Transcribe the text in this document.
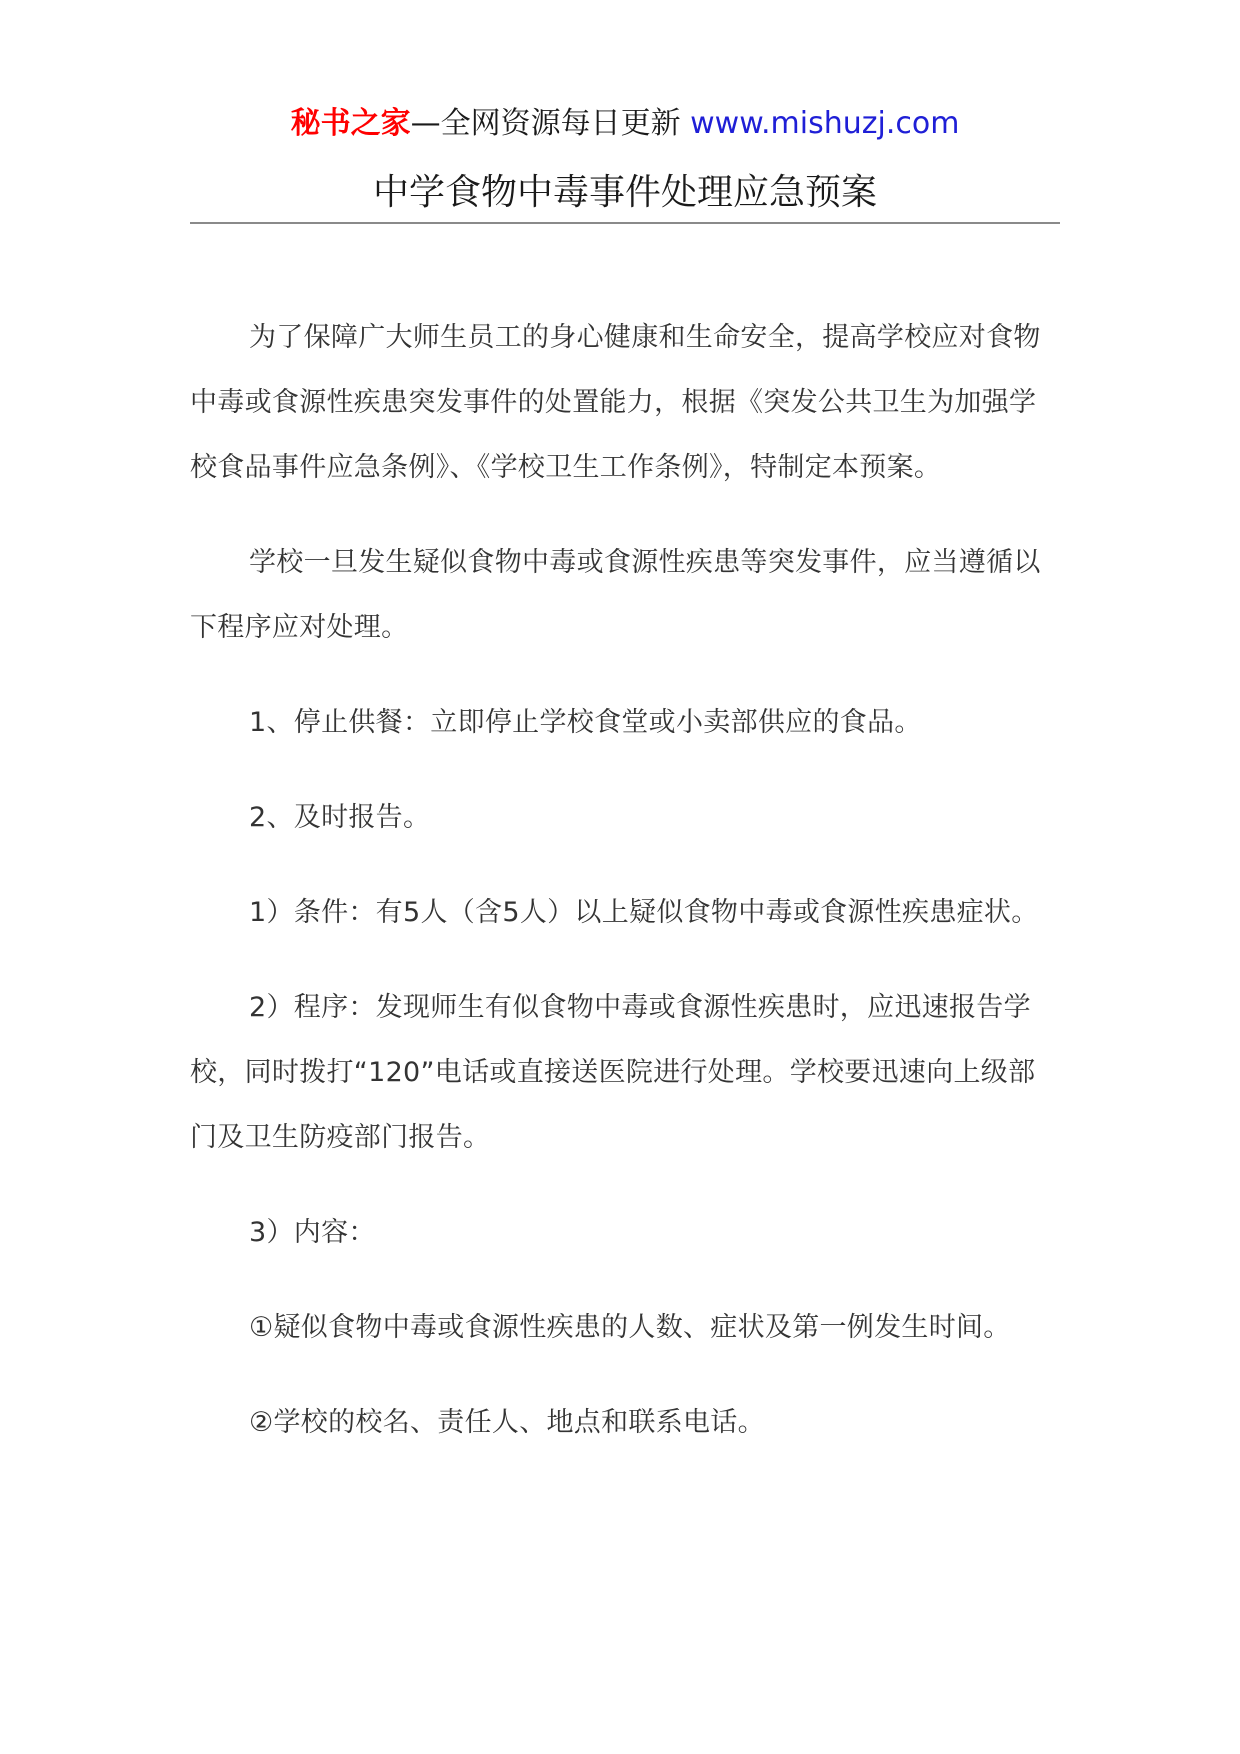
秘书之家—全网资源每日更新 www.mishuzj.com
中学食物中毒事件处理应急预案

为了保障广大师生员工的身心健康和生命安全，提高学校应对食物中毒或食源性疾患突发事件的处置能力，根据《突发公共卫生为加强学校食品事件应急条例》、《学校卫生工作条例》，特制定本预案。

学校一旦发生疑似食物中毒或食源性疾患等突发事件，应当遵循以下程序应对处理。

1、停止供餐：立即停止学校食堂或小卖部供应的食品。

2、及时报告。

1）条件：有5人（含5人）以上疑似食物中毒或食源性疾患症状。

2）程序：发现师生有似食物中毒或食源性疾患时，应迅速报告学校，同时拨打“120”电话或直接送医院进行处理。学校要迅速向上级部门及卫生防疫部门报告。

3）内容：

①疑似食物中毒或食源性疾患的人数、症状及第一例发生时间。

②学校的校名、责任人、地点和联系电话。
